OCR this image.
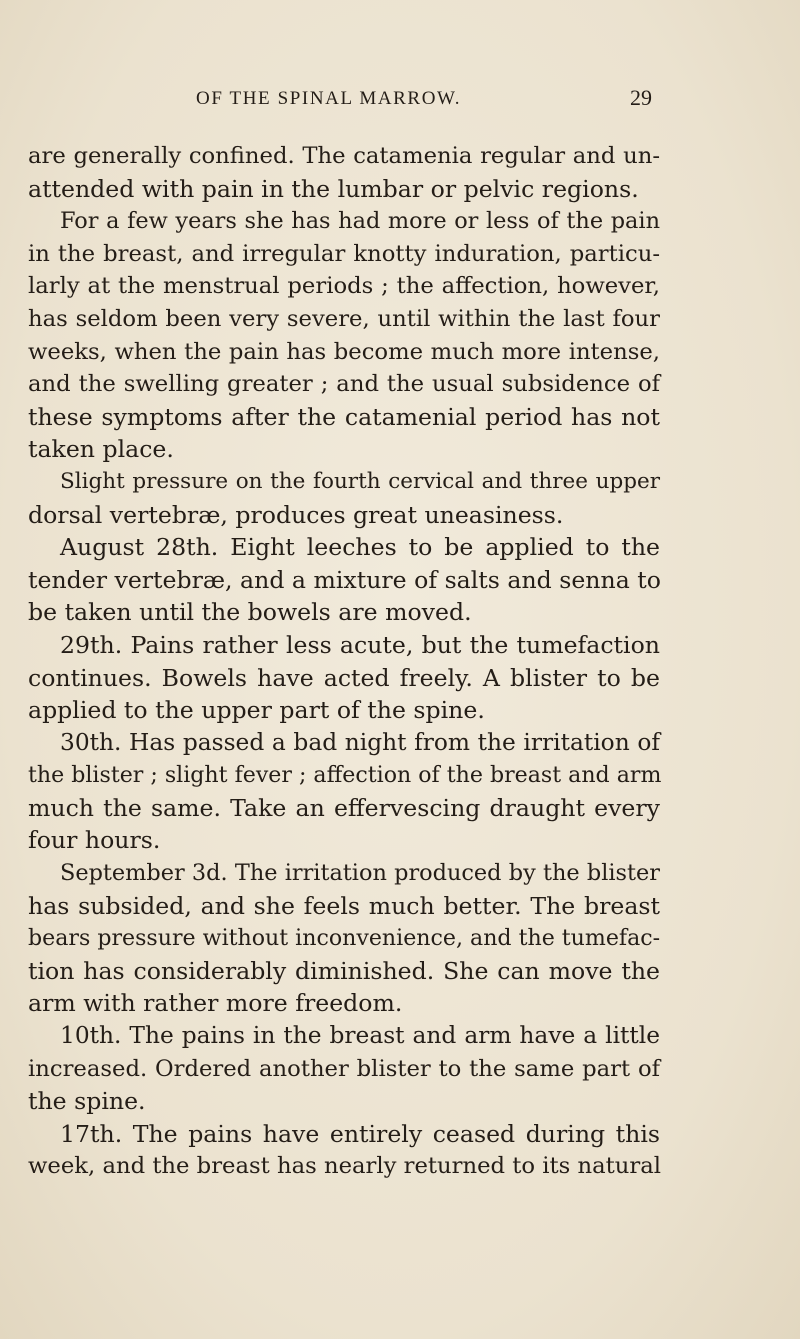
OF THE SPINAL MARROW.	29
are generally confined. The catamenia regular and un-
attended with pain in the lumbar or pelvic regions.
For a few years she has had more or less of the pain
in the breast, and irregular knotty induration, particu-
larly at the menstrual periods ; the affection, however,
has seldom been very severe, until within the last four
weeks, when the pain has become much more intense,
and the swelling greater ; and the usual subsidence of
these symptoms after the catamenial period has not
taken place.
Slight pressure on the fourth cervical and three upper
dorsal vertebræ, produces great uneasiness.
August 28th. Eight leeches to be applied to the
tender vertebræ, and a mixture of salts and senna to
be taken until the bowels are moved.
29th. Pains rather less acute, but the tumefaction
continues. Bowels have acted freely. A blister to be
applied to the upper part of the spine.
30th. Has passed a bad night from the irritation of
the blister ; slight fever ; affection of the breast and arm
much the same. Take an effervescing draught every
four hours.
September 3d. The irritation produced by the blister
has subsided, and she feels much better. The breast
bears pressure without inconvenience, and the tumefac-
tion has considerably diminished. She can move the
arm with rather more freedom.
10th. The pains in the breast and arm have a little
increased. Ordered another blister to the same part of
the spine.
17th. The pains have entirely ceased during this
week, and the breast has nearly returned to its natural
